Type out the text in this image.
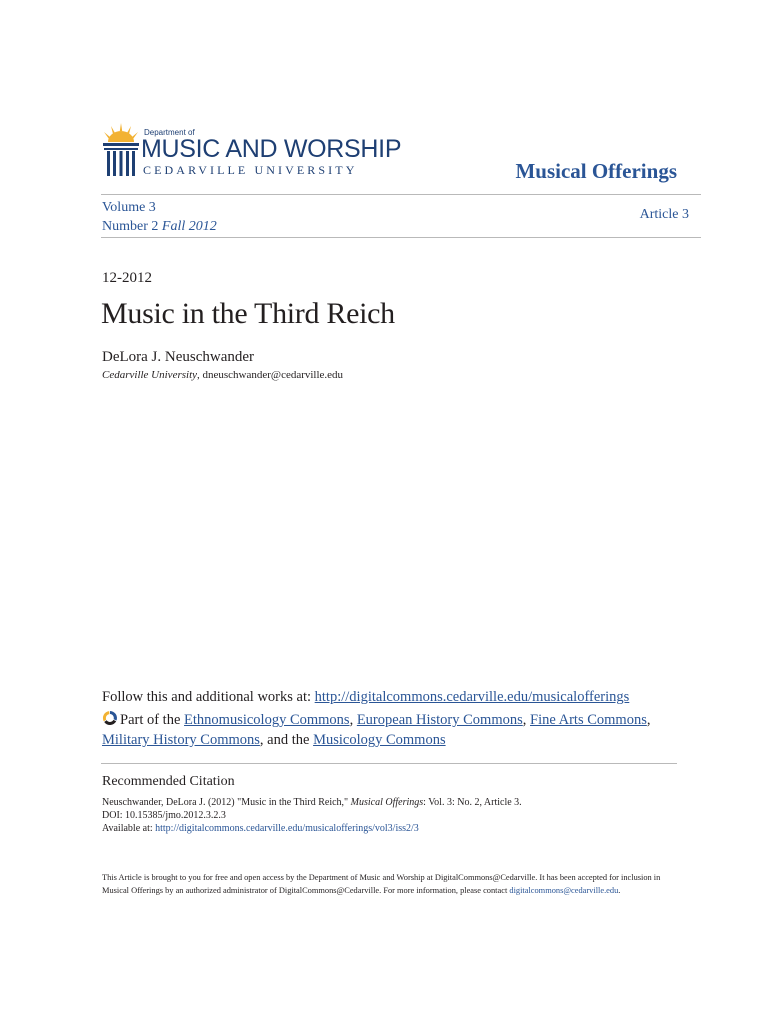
Department of
MUSIC AND WORSHIP
CEDARVILLE UNIVERSITY	Musical Offerings
Volume 3
Number 2 Fall 2012
Article 3
12-2012
Music in the Third Reich
DeLora J. Neuschwander
Cedarville University, dneuschwander@cedarville.edu
Follow this and additional works at: http://digitalcommons.cedarville.edu/musicalofferings
Part of the Ethnomusicology Commons, European History Commons, Fine Arts Commons, Military History Commons, and the Musicology Commons
Recommended Citation
Neuschwander, DeLora J. (2012) "Music in the Third Reich," Musical Offerings: Vol. 3: No. 2, Article 3.
DOI: 10.15385/jmo.2012.3.2.3
Available at: http://digitalcommons.cedarville.edu/musicalofferings/vol3/iss2/3
This Article is brought to you for free and open access by the Department of Music and Worship at DigitalCommons@Cedarville. It has been accepted for inclusion in Musical Offerings by an authorized administrator of DigitalCommons@Cedarville. For more information, please contact digitalcommons@cedarville.edu.
